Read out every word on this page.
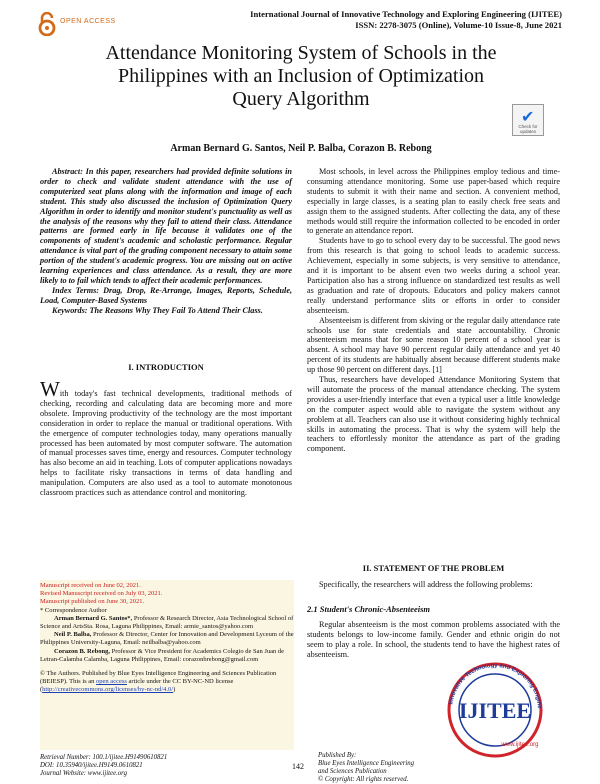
OPEN ACCESS
International Journal of Innovative Technology and Exploring Engineering (IJITEE)
ISSN: 2278-3075 (Online), Volume-10 Issue-8, June 2021
Attendance Monitoring System of Schools in the
Philippines with an Inclusion of Optimization
Query Algorithm
✔
Check for updates
Arman Bernard G. Santos, Neil P. Balba, Corazon B. Rebong
Abstract: In this paper, researchers had provided definite solutions in order to check and validate student attendance with the use of computerized seat plans along with the information and image of each student. This study also discussed the inclusion of Optimization Query Algorithm in order to identify and monitor student's punctuality as well as the analysis of the reasons why they fail to attend their class. Attendance patterns are formed early in life because it validates one of the components of student's academic and scholastic performance. Regular attendance is vital part of the grading component necessary to attain some portion of the student's academic progress. You are missing out on active learning experiences and class attendance. As a result, they are more likely to to fail which tends to affect their academic performances.
Index Terms: Drag, Drop, Re-Arrange, Images, Reports, Schedule, Load, Computer-Based Systems
Keywords: The Reasons Why They Fail To Attend Their Class.
I. INTRODUCTION
With today's fast technical developments, traditional methods of checking, recording and calculating data are becoming more and more obsolete. Improving productivity of the technology are the most important consideration in order to replace the manual or traditional operations. With the emergence of computer technologies today, many operations manually processed has been automated by most computer software. The automation of manual processes saves time, energy and resources. Computer technology has also become an aid in teaching. Lots of computer applications nowadays helps to facilitate risky transactions in terms of data handling and manipulation. Computers are also used as a tool to automate monotonous classroom practices such as attendance control and monitoring.
Manuscript received on June 02, 2021.
Revised Manuscript received on July 03, 2021.
Manuscript published on June 30, 2021.
* Correspondence Author
Arman Bernard G. Santos*, Professor & Research Director, Asia Technological School of Science and ArtsSta. Rosa, Laguna Philippines, Email: armie_santos@yahoo.com
Neil P. Balba, Professor & Director, Center for Innovation and Development Lyceum of the Philippines University-Laguna, Email: neilbalba@yahoo.com
Corazon B. Rebong, Professor & Vice President for Academics Colegio de San Juan de Letran-Calamba Calamba, Laguna Philippines, Email: corazonbrebong@gmail.com
© The Authors. Published by Blue Eyes Intelligence Engineering and Sciences Publication (BEIESP). This is an open access article under the CC BY-NC-ND license (http://creativecommons.org/licenses/by-nc-nd/4.0/)
Most schools, in level across the Philippines employ tedious and time-consuming attendance monitoring. Some use paper-based which require students to submit it with their name and section. A convenient method, especially in large classes, is a seating plan to easily check free seats and assign them to the assigned students. After collecting the data, any of these methods would still require the information collected to be encoded in order to generate an attendance report.
Students have to go to school every day to be successful. The good news from this research is that going to school leads to academic success. Achievement, especially in some subjects, is very sensitive to attendance, and it is important to be absent even two weeks during a school year. Participation also has a strong influence on standardized test results as well as graduation and rate of dropouts. Educators and policy makers cannot really understand performance slits or efforts in order to consider absenteeism.
Absenteeism is different from skiving or the regular daily attendance rate schools use for state credentials and state accountability. Chronic absenteeism means that for some reason 10 percent of a school year is absent. A school may have 90 percent regular daily attendance and yet 40 percent of its students are habitually absent because different students make up those 90 percent on different days. [1]
Thus, researchers have developed Attendance Monitoring System that will automate the process of the manual attendance checking. The system provides a user-friendly interface that even a typical user a little knowledge on the computer aspect would able to navigate the system without any problem at all. Teachers can also use it without considering highly technical skills in automating the process. That is why the system will help the teachers to effortlessly monitor the attendance as part of the grading component.
II. STATEMENT OF THE PROBLEM
Specifically, the researchers will address the following problems:
2.1 Student's Chronic-Absenteeism
Regular absenteeism is the most common problems associated with the students belongs to low-income family. Gender and ethnic origin do not seem to play a role. In school, the students tend to have the highest rates of absenteeism.
Innovative Technology and Exploring Engine
IJITEE
www.ijitee.org
Retrieval Number: 100.1/ijitee.H91490610821
DOI: 10.35940/ijitee.H9149.0610821
Journal Website: www.ijitee.org
142
Published By:
Blue Eyes Intelligence Engineering
and Sciences Publication
© Copyright: All rights reserved.
